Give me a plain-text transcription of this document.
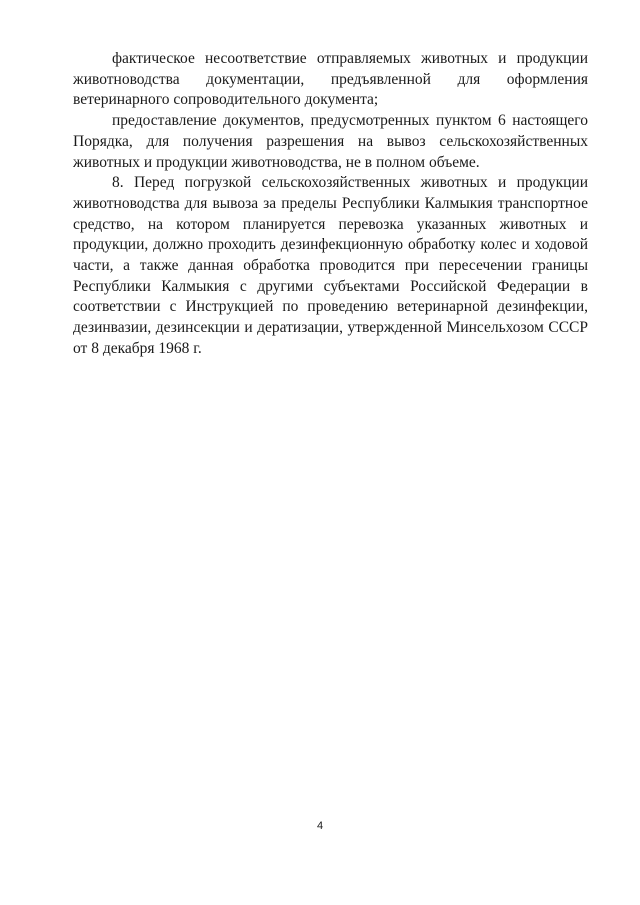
фактическое несоответствие отправляемых животных и продукции животноводства документации, предъявленной для оформления ветеринарного сопроводительного документа;

предоставление документов, предусмотренных пунктом 6 настоящего Порядка, для получения разрешения на вывоз сельскохозяйственных животных и продукции животноводства, не в полном объеме.

8. Перед погрузкой сельскохозяйственных животных и продукции животноводства для вывоза за пределы Республики Калмыкия транспортное средство, на котором планируется перевозка указанных животных и продукции, должно проходить дезинфекционную обработку колес и ходовой части, а также данная обработка проводится при пересечении границы Республики Калмыкия с другими субъектами Российской Федерации в соответствии с Инструкцией по проведению ветеринарной дезинфекции, дезинвазии, дезинсекции и дератизации, утвержденной Минсельхозом СССР от 8 декабря 1968 г.

4
